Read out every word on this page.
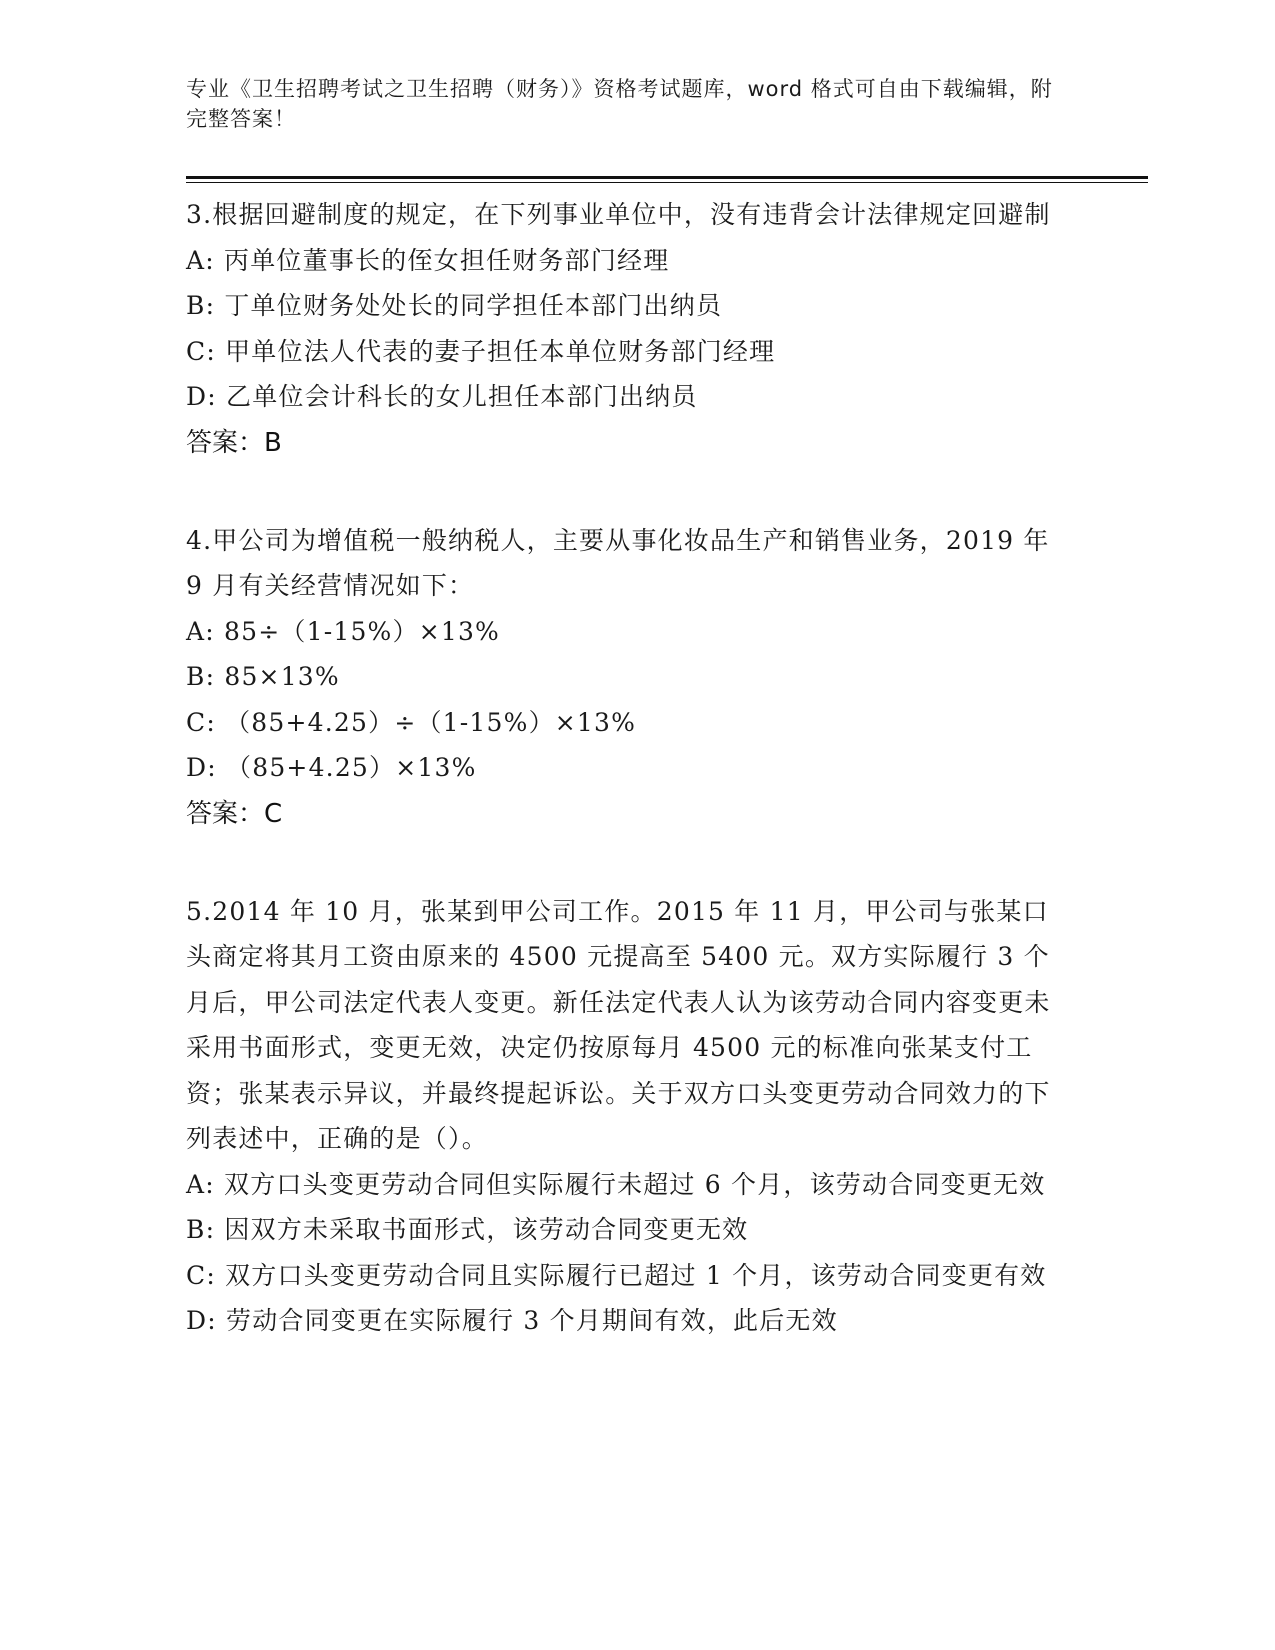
专业《卫生招聘考试之卫生招聘（财务）》资格考试题库，word 格式可自由下载编辑，附完整答案！

3.根据回避制度的规定，在下列事业单位中，没有违背会计法律规定回避制

A: 丙单位董事长的侄女担任财务部门经理

B: 丁单位财务处处长的同学担任本部门出纳员

C: 甲单位法人代表的妻子担任本单位财务部门经理

D: 乙单位会计科长的女儿担任本部门出纳员

答案：B

4.甲公司为增值税一般纳税人，主要从事化妆品生产和销售业务，2019 年 9 月有关经营情况如下：

A: 85÷（1-15%）×13%

B: 85×13%

C: （85+4.25）÷（1-15%）×13%

D: （85+4.25）×13%

答案：C

5.2014 年 10 月，张某到甲公司工作。2015 年 11 月，甲公司与张某口头商定将其月工资由原来的 4500 元提高至 5400 元。双方实际履行 3 个月后，甲公司法定代表人变更。新任法定代表人认为该劳动合同内容变更未采用书面形式，变更无效，决定仍按原每月 4500 元的标准向张某支付工资；张某表示异议，并最终提起诉讼。关于双方口头变更劳动合同效力的下列表述中，正确的是（）。

A: 双方口头变更劳动合同但实际履行未超过 6 个月，该劳动合同变更无效

B: 因双方未采取书面形式，该劳动合同变更无效

C: 双方口头变更劳动合同且实际履行已超过 1 个月，该劳动合同变更有效

D: 劳动合同变更在实际履行 3 个月期间有效，此后无效
